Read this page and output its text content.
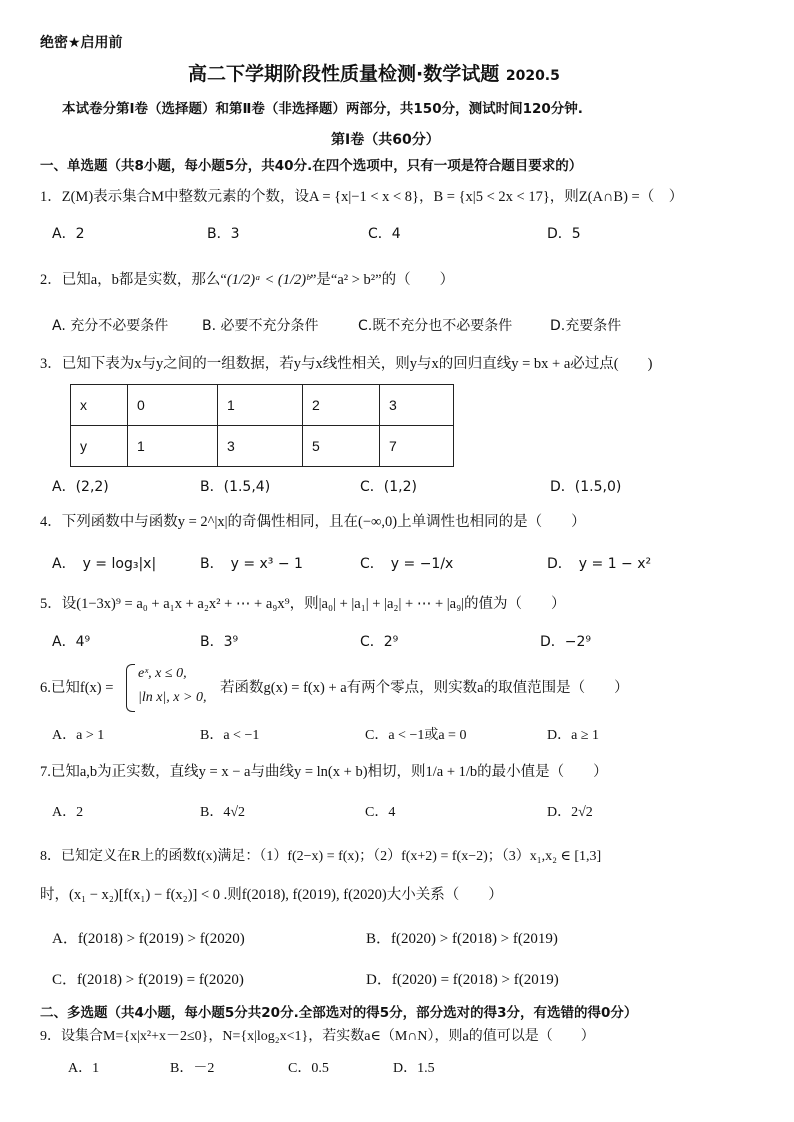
绝密★启用前
高二下学期阶段性质量检测·数学试题 2020.5
本试卷分第Ⅰ卷（选择题）和第Ⅱ卷（非选择题）两部分，共150分，测试时间120分钟.
第Ⅰ卷（共60分）
一、单选题（共8小题，每小题5分，共40分.在四个选项中，只有一项是符合题目要求的）
1．Z(M)表示集合M中整数元素的个数，设A = {x|−1 < x < 8}，B = {x|5 < 2x < 17}，则Z(A∩B) =（　）
A．2	B．3	C．4	D．5
2．已知a，b都是实数，那么“(1/2)ᵃ < (1/2)ᵇ”是“a² > b²”的（　　）
A. 充分不必要条件 B. 必要不充分条件	C.既不充分也不必要条件	D.充要条件
3．已知下表为x与y之间的一组数据，若y与x线性相关，则y与x的回归直线y = bx + a必过点(　　)
x	0	1	2	3
y	1	3	5	7
A．(2,2)	B．(1.5,4)	C．(1,2)	D．(1.5,0)
4．下列函数中与函数y = 2^|x|的奇偶性相同，且在(−∞,0)上单调性也相同的是（　　）
A．　y = log₃|x|	B．　y = x³ − 1	C．　y = −1/x	D．　y = 1 − x²
5．设(1−3x)⁹ = a₀ + a₁x + a₂x² + ⋯ + a₉x⁹，则|a₀| + |a₁| + |a₂| + ⋯ + |a₉|的值为（　　）
A．4⁹	B．3⁹	C．2⁹	D．−2⁹
6.已知f(x) =
eˣ, x ≤ 0,
|ln x|, x > 0,
若函数g(x) = f(x) + a有两个零点，则实数a的取值范围是（　　）
A．a > 1	B．a < −1	C．a < −1或a = 0	D．a ≥ 1
7.已知a,b为正实数，直线y = x − a与曲线y = ln(x + b)相切，则1/a + 1/b的最小值是（　　）
A．2	B．4√2	C．4	D．2√2
8．已知定义在R上的函数f(x)满足：（1）f(2−x) = f(x)；（2）f(x+2) = f(x−2)；（3）x₁,x₂ ∈ [1,3]
时，(x₁ − x₂)[f(x₁) − f(x₂)] < 0 .则f(2018), f(2019), f(2020)大小关系（　　）
A．f(2018) > f(2019) > f(2020)	B．f(2020) > f(2018) > f(2019)
C．f(2018) > f(2019) = f(2020)	D．f(2020) = f(2018) > f(2019)
二、多选题（共4小题，每小题5分共20分.全部选对的得5分，部分选对的得3分，有选错的得0分）
9．设集合M={x|x²+x－2≤0}，N={x|log₂x<1}，若实数a∈（M∩N），则a的值可以是（　　）
A．1	B．－2	C．0.5	D．1.5
